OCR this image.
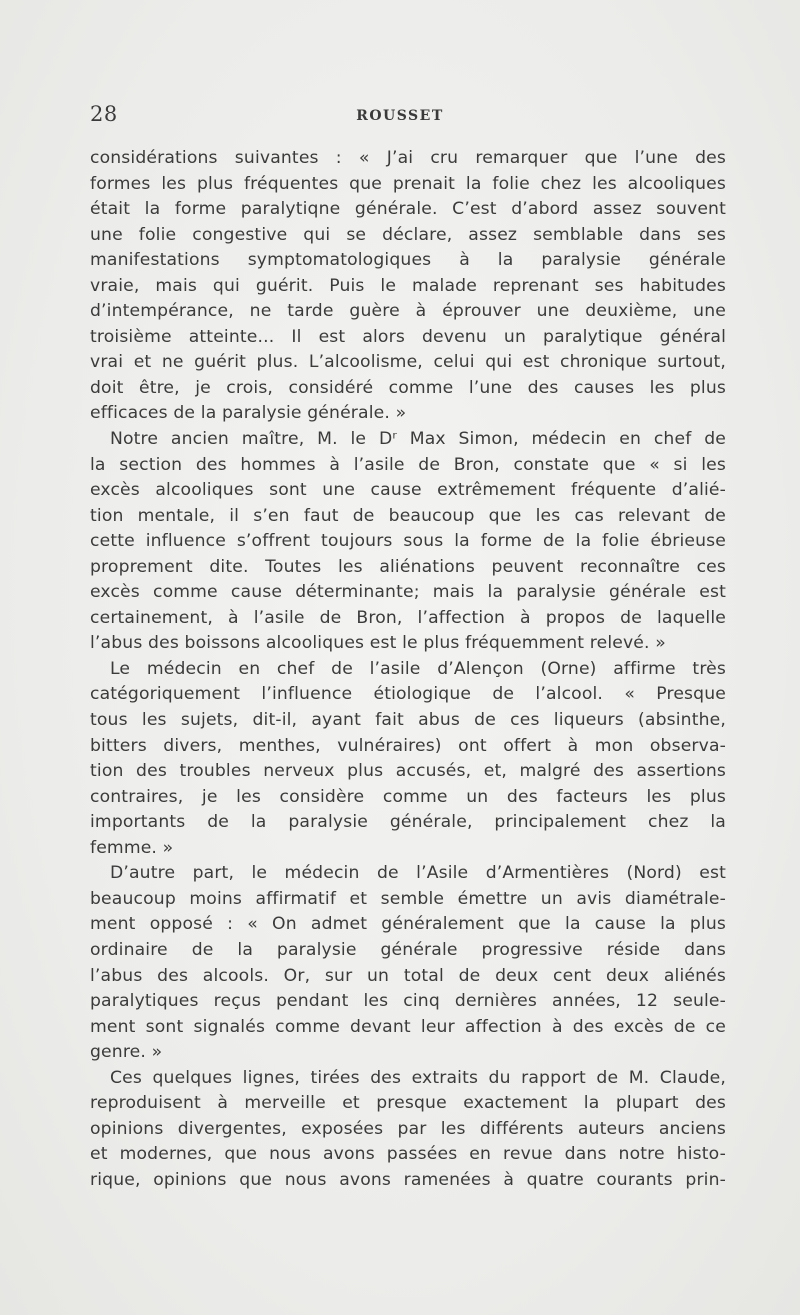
28	ROUSSET
considérations suivantes : « J’ai cru remarquer que l’une des
formes les plus fréquentes que prenait la folie chez les alcooliques
était la forme paralytiqne générale. C’est d’abord assez souvent
une folie congestive qui se déclare, assez semblable dans ses
manifestations symptomatologiques à la paralysie générale
vraie, mais qui guérit. Puis le malade reprenant ses habitudes
d’intempérance, ne tarde guère à éprouver une deuxième, une
troisième atteinte... Il est alors devenu un paralytique général
vrai et ne guérit plus. L’alcoolisme, celui qui est chronique surtout,
doit être, je crois, considéré comme l’une des causes les plus
efficaces de la paralysie générale. »
Notre ancien maître, M. le Dʳ Max Simon, médecin en chef de
la section des hommes à l’asile de Bron, constate que « si les
excès alcooliques sont une cause extrêmement fréquente d’alié-
tion mentale, il s’en faut de beaucoup que les cas relevant de
cette influence s’offrent toujours sous la forme de la folie ébrieuse
proprement dite. Toutes les aliénations peuvent reconnaître ces
excès comme cause déterminante; mais la paralysie générale est
certainement, à l’asile de Bron, l’affection à propos de laquelle
l’abus des boissons alcooliques est le plus fréquemment relevé. »
Le médecin en chef de l’asile d’Alençon (Orne) affirme très
catégoriquement l’influence étiologique de l’alcool. « Presque
tous les sujets, dit-il, ayant fait abus de ces liqueurs (absinthe,
bitters divers, menthes, vulnéraires) ont offert à mon observa-
tion des troubles nerveux plus accusés, et, malgré des assertions
contraires, je les considère comme un des facteurs les plus
importants de la paralysie générale, principalement chez la
femme. »
D’autre part, le médecin de l’Asile d’Armentières (Nord) est
beaucoup moins affirmatif et semble émettre un avis diamétrale-
ment opposé : « On admet généralement que la cause la plus
ordinaire de la paralysie générale progressive réside dans
l’abus des alcools. Or, sur un total de deux cent deux aliénés
paralytiques reçus pendant les cinq dernières années, 12 seule-
ment sont signalés comme devant leur affection à des excès de ce
genre. »
Ces quelques lignes, tirées des extraits du rapport de M. Claude,
reproduisent à merveille et presque exactement la plupart des
opinions divergentes, exposées par les différents auteurs anciens
et modernes, que nous avons passées en revue dans notre histo-
rique, opinions que nous avons ramenées à quatre courants prin-
